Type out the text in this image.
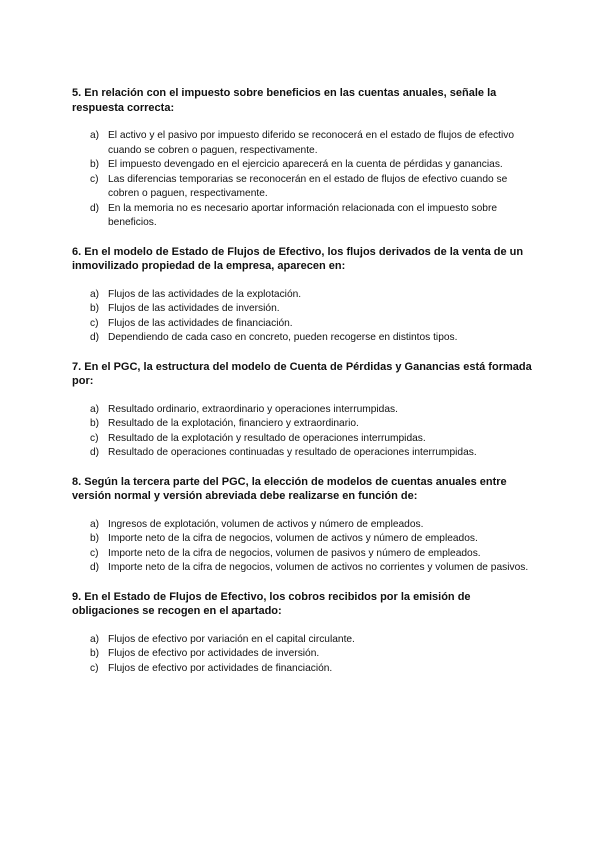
5. En relación con el impuesto sobre beneficios en las cuentas anuales, señale la respuesta correcta:

a) El activo y el pasivo por impuesto diferido se reconocerá en el estado de flujos de efectivo cuando se cobren o paguen, respectivamente.
b) El impuesto devengado en el ejercicio aparecerá en la cuenta de pérdidas y ganancias.
c) Las diferencias temporarias se reconocerán en el estado de flujos de efectivo cuando se cobren o paguen, respectivamente.
d) En la memoria no es necesario aportar información relacionada con el impuesto sobre beneficios.

6. En el modelo de Estado de Flujos de Efectivo, los flujos derivados de la venta de un inmovilizado propiedad de la empresa, aparecen en:

a) Flujos de las actividades de la explotación.
b) Flujos de las actividades de inversión.
c) Flujos de las actividades de financiación.
d) Dependiendo de cada caso en concreto, pueden recogerse en distintos tipos.

7. En el PGC, la estructura del modelo de Cuenta de Pérdidas y Ganancias está formada por:

a) Resultado ordinario, extraordinario y operaciones interrumpidas.
b) Resultado de la explotación, financiero y extraordinario.
c) Resultado de la explotación y resultado de operaciones interrumpidas.
d) Resultado de operaciones continuadas y resultado de operaciones interrumpidas.

8. Según la tercera parte del PGC, la elección de modelos de cuentas anuales entre versión normal y versión abreviada debe realizarse en función de:

a) Ingresos de explotación, volumen de activos y número de empleados.
b) Importe neto de la cifra de negocios, volumen de activos y número de empleados.
c) Importe neto de la cifra de negocios, volumen de pasivos y número de empleados.
d) Importe neto de la cifra de negocios, volumen de activos no corrientes y volumen de pasivos.

9. En el Estado de Flujos de Efectivo, los cobros recibidos por la emisión de obligaciones se recogen en el apartado:

a) Flujos de efectivo por variación en el capital circulante.
b) Flujos de efectivo por actividades de inversión.
c) Flujos de efectivo por actividades de financiación.
